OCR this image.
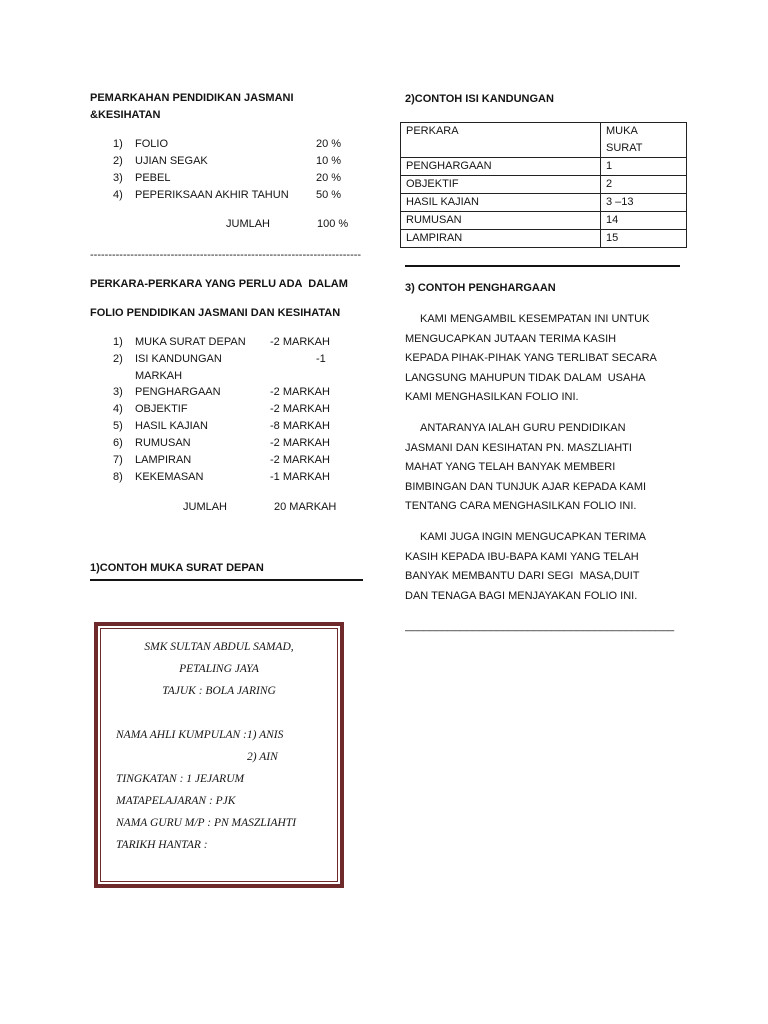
PEMARKAHAN PENDIDIKAN JASMANI
&KESIHATAN
1) FOLIO	20 %
2) UJIAN SEGAK	10 %
3) PEBEL	20 %
4) PEPERIKSAAN AKHIR TAHUN 50 %
JUMLAH	100 %
--------------------------------------------------------------------------
PERKARA-PERKARA YANG PERLU ADA  DALAM
FOLIO PENDIDIKAN JASMANI DAN KESIHATAN
1) MUKA SURAT DEPAN -2 MARKAH
2) ISI KANDUNGAN	-1
MARKAH
3) PENGHARGAAN	-2 MARKAH
4) OBJEKTIF	-2 MARKAH
5) HASIL KAJIAN	-8 MARKAH
6) RUMUSAN	-2 MARKAH
7) LAMPIRAN	-2 MARKAH
8) KEKEMASAN	-1 MARKAH
JUMLAH	20 MARKAH
1)CONTOH MUKA SURAT DEPAN
SMK SULTAN ABDUL SAMAD,
PETALING JAYA
TAJUK : BOLA JARING
NAMA AHLI KUMPULAN :1) ANIS
2) AIN
TINGKATAN : 1 JEJARUM
MATAPELAJARAN : PJK
NAMA GURU M/P : PN MASZLIAHTI
TARIKH HANTAR :
2)CONTOH ISI KANDUNGAN
PERKARA	MUKA SURAT
PENGHARGAAN	1
OBJEKTIF	2
HASIL KAJIAN	3 –13
RUMUSAN	14
LAMPIRAN	15
3) CONTOH PENGHARGAAN
KAMI MENGAMBIL KESEMPATAN INI UNTUK
MENGUCAPKAN JUTAAN TERIMA KASIH
KEPADA PIHAK-PIHAK YANG TERLIBAT SECARA
LANGSUNG MAHUPUN TIDAK DALAM  USAHA
KAMI MENGHASILKAN FOLIO INI.
ANTARANYA IALAH GURU PENDIDIKAN
JASMANI DAN KESIHATAN PN. MASZLIAHTI
MAHAT YANG TELAH BANYAK MEMBERI
BIMBINGAN DAN TUNJUK AJAR KEPADA KAMI
TENTANG CARA MENGHASILKAN FOLIO INI.
KAMI JUGA INGIN MENGUCAPKAN TERIMA
KASIH KEPADA IBU-BAPA KAMI YANG TELAH
BANYAK MEMBANTU DARI SEGI  MASA,DUIT
DAN TENAGA BAGI MENJAYAKAN FOLIO INI.
____________________________________________
